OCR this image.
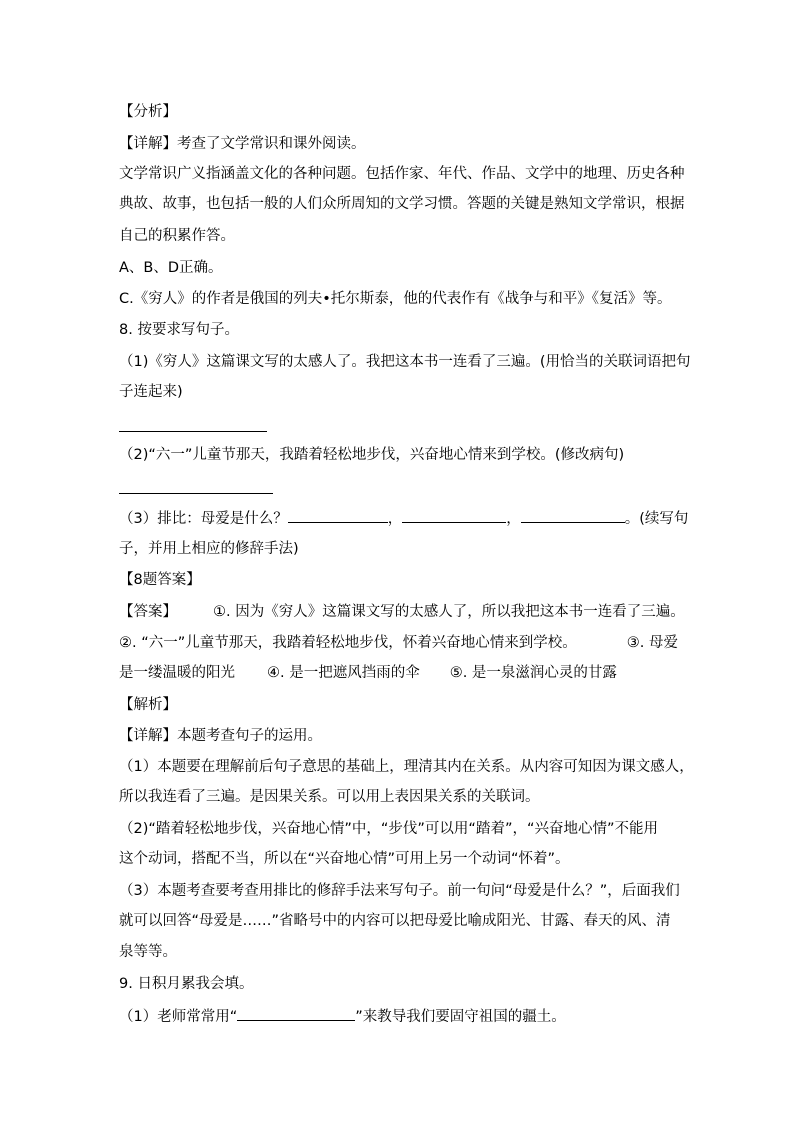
【分析】
【详解】考查了文学常识和课外阅读。
文学常识广义指涵盖文化的各种问题。包括作家、年代、作品、文学中的地理、历史各种
典故、故事，也包括一般的人们众所周知的文学习惯。答题的关键是熟知文学常识，根据
自己的积累作答。
A、B、D正确。
C.《穷人》的作者是俄国的列夫•托尔斯泰，他的代表作有《战争与和平》《复活》等。
8. 按要求写句子。
（1)《穷人》这篇课文写的太感人了。我把这本书一连看了三遍。(用恰当的关联词语把句
子连起来)
（2)“六一”儿童节那天，我踏着轻松地步伐，兴奋地心情来到学校。(修改病句)
（3）排比：母爱是什么？	，	，	。(续写句
子，并用上相应的修辞手法)
【8题答案】
【答案】 ①. 因为《穷人》这篇课文写的太感人了，所以我把这本书一连看了三遍。
②. “六一”儿童节那天，我踏着轻松地步伐，怀着兴奋地心情来到学校。	③. 母爱
是一缕温暖的阳光 ④. 是一把遮风挡雨的伞 ⑤. 是一泉滋润心灵的甘露
【解析】
【详解】本题考查句子的运用。
（1）本题要在理解前后句子意思的基础上，理清其内在关系。从内容可知因为课文感人，
所以我连看了三遍。是因果关系。可以用上表因果关系的关联词。
（2)“踏着轻松地步伐，兴奋地心情”中，“步伐”可以用“踏着”，“兴奋地心情”不能用
这个动词，搭配不当，所以在“兴奋地心情”可用上另一个动词“怀着”。
（3）本题考查要考查用排比的修辞手法来写句子。前一句问“母爱是什么？”，后面我们
就可以回答“母爱是……”省略号中的内容可以把母爱比喻成阳光、甘露、春天的风、清
泉等等。
9. 日积月累我会填。
（1）老师常常用“	”来教导我们要固守祖国的疆土。
